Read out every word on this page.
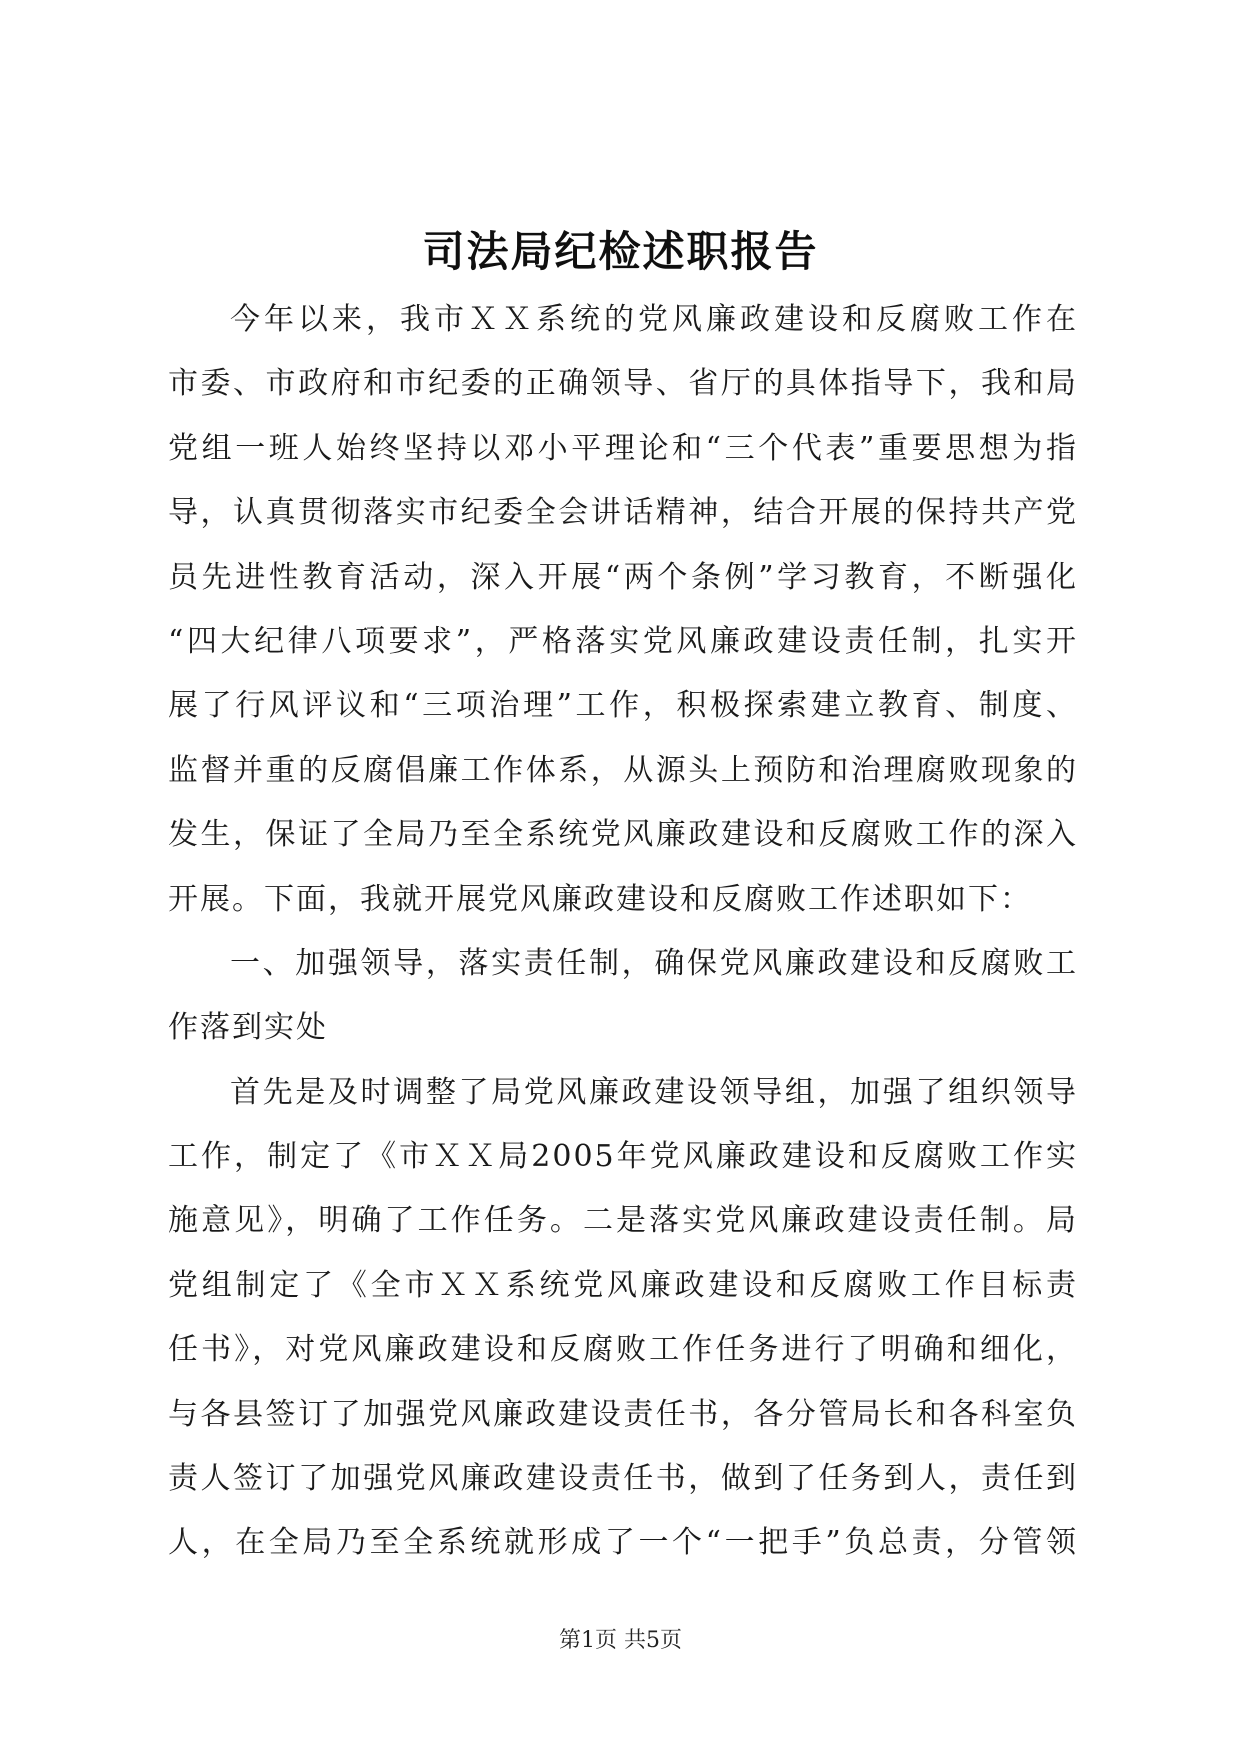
司法局纪检述职报告
今年以来，我市ＸＸ系统的党风廉政建设和反腐败工作在
市委、市政府和市纪委的正确领导、省厅的具体指导下，我和局
党组一班人始终坚持以邓小平理论和“三个代表”重要思想为指
导，认真贯彻落实市纪委全会讲话精神，结合开展的保持共产党
员先进性教育活动，深入开展“两个条例”学习教育，不断强化
“四大纪律八项要求”，严格落实党风廉政建设责任制，扎实开
展了行风评议和“三项治理”工作，积极探索建立教育、制度、
监督并重的反腐倡廉工作体系，从源头上预防和治理腐败现象的
发生，保证了全局乃至全系统党风廉政建设和反腐败工作的深入
开展。下面，我就开展党风廉政建设和反腐败工作述职如下：
一、加强领导，落实责任制，确保党风廉政建设和反腐败工
作落到实处
首先是及时调整了局党风廉政建设领导组，加强了组织领导
工作，制定了《市ＸＸ局2005年党风廉政建设和反腐败工作实
施意见》，明确了工作任务。二是落实党风廉政建设责任制。局
党组制定了《全市ＸＸ系统党风廉政建设和反腐败工作目标责
任书》，对党风廉政建设和反腐败工作任务进行了明确和细化，
与各县签订了加强党风廉政建设责任书，各分管局长和各科室负
责人签订了加强党风廉政建设责任书，做到了任务到人，责任到
人，在全局乃至全系统就形成了一个“一把手”负总责，分管领
第1页 共5页
